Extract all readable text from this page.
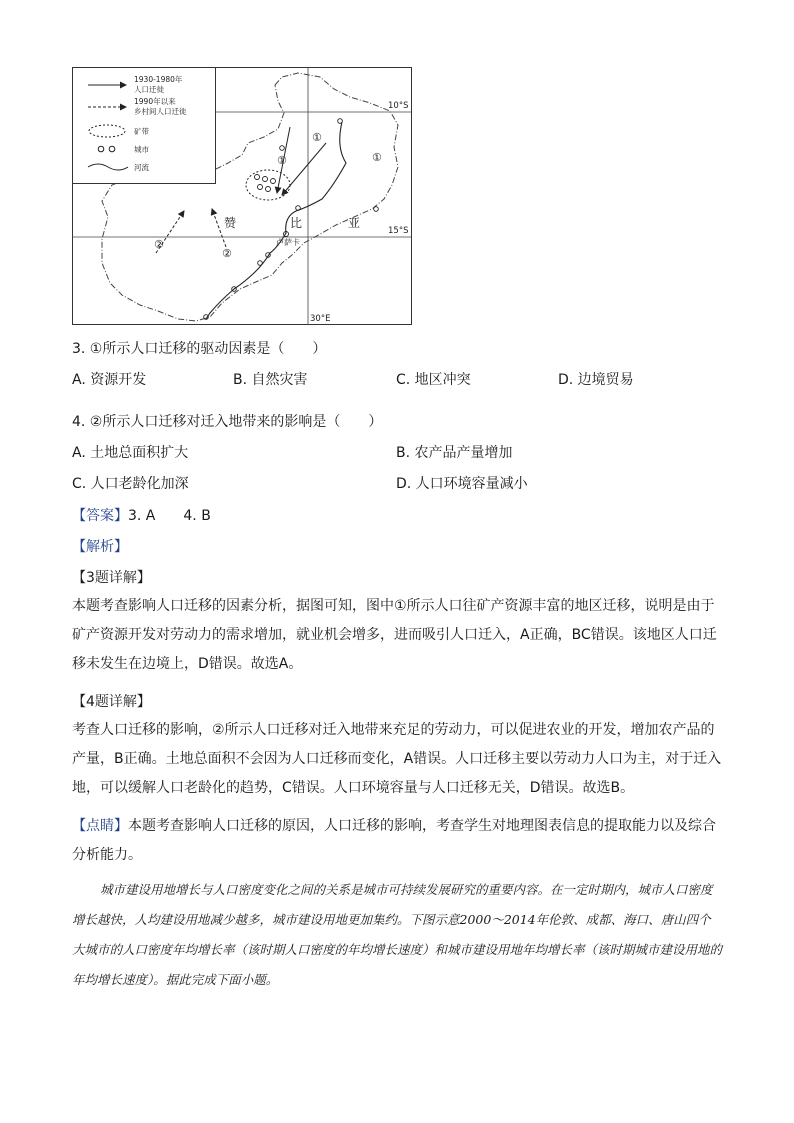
1930-1980年
人口迁徙
1990年以来
乡村间人口迁徙
矿带
城市
河流
10°S
15°S
30°E
①
①
①
②
②
赞	比	亚
卢萨卡
3. ①所示人口迁移的驱动因素是（　　）
A. 资源开发	B. 自然灾害	C. 地区冲突	D. 边境贸易
4. ②所示人口迁移对迁入地带来的影响是（　　）
A. 土地总面积扩大	B. 农产品产量增加
C. 人口老龄化加深	D. 人口环境容量减小
【答案】3. A　　4. B
【解析】
【3题详解】
本题考查影响人口迁移的因素分析，据图可知，图中①所示人口往矿产资源丰富的地区迁移，说明是由于矿产资源开发对劳动力的需求增加，就业机会增多，进而吸引人口迁入，A正确，BC错误。该地区人口迁移未发生在边境上，D错误。故选A。
【4题详解】
考查人口迁移的影响，②所示人口迁移对迁入地带来充足的劳动力，可以促进农业的开发，增加农产品的产量，B正确。土地总面积不会因为人口迁移而变化，A错误。人口迁移主要以劳动力人口为主，对于迁入地，可以缓解人口老龄化的趋势，C错误。人口环境容量与人口迁移无关，D错误。故选B。
【点睛】本题考查影响人口迁移的原因，人口迁移的影响，考查学生对地理图表信息的提取能力以及综合分析能力。
城市建设用地增长与人口密度变化之间的关系是城市可持续发展研究的重要内容。在一定时期内，城市人口密度增长越快，人均建设用地减少越多，城市建设用地更加集约。下图示意2000～2014年伦敦、成都、海口、唐山四个大城市的人口密度年均增长率（该时期人口密度的年均增长速度）和城市建设用地年均增长率（该时期城市建设用地的年均增长速度）。据此完成下面小题。
